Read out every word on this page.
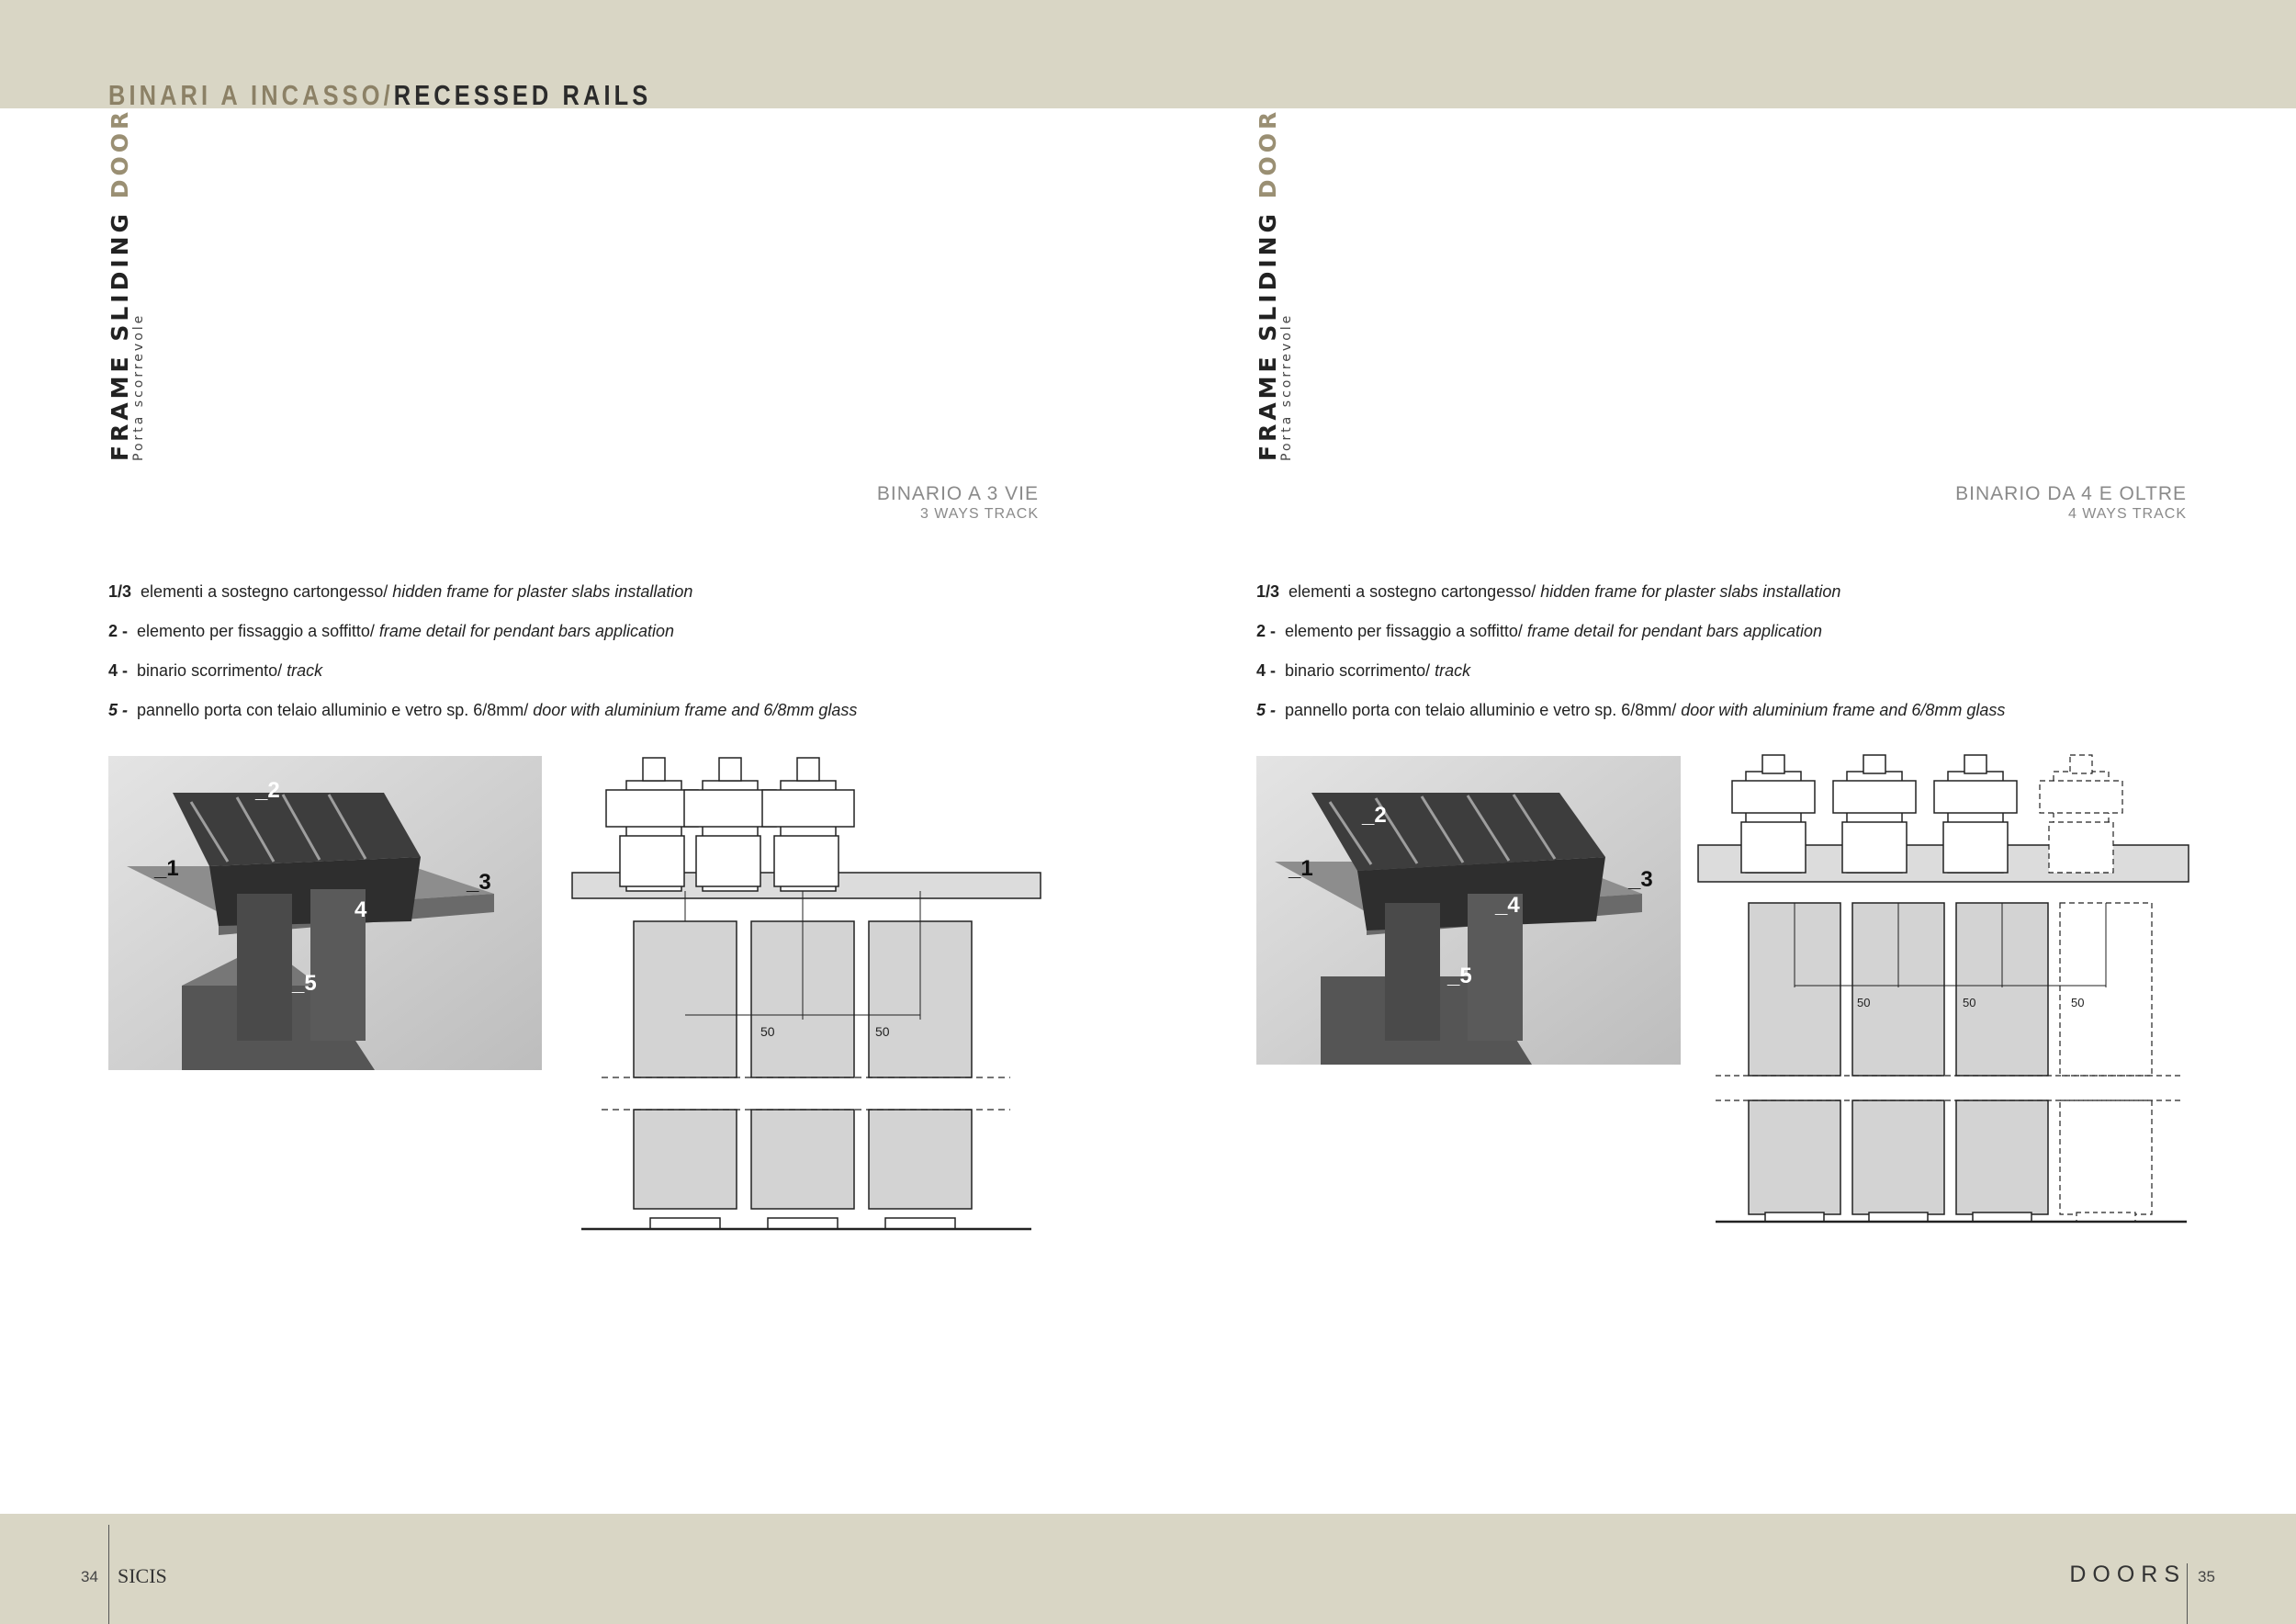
BINARI A INCASSO/RECESSED RAILS
FRAME SLIDING DOOR
Porta scorrevole
BINARIO A 3 VIE
3 WAYS TRACK
1/3 elementi a sostegno cartongesso/ hidden frame for plaster slabs installation
2 - elemento per fissaggio a soffitto/ frame detail for pendant bars application
4 - binario scorrimento/ track
5 - pannello porta con telaio alluminio e vetro sp. 6/8mm/ door with aluminium frame and 6/8mm glass
_1
_2
_3
4
_5
50	50
FRAME SLIDING DOOR
Porta scorrevole
BINARIO DA 4 E OLTRE
4 WAYS TRACK
1/3 elementi a sostegno cartongesso/ hidden frame for plaster slabs installation
2 - elemento per fissaggio a soffitto/ frame detail for pendant bars application
4 - binario scorrimento/ track
5 - pannello porta con telaio alluminio e vetro sp. 6/8mm/ door with aluminium frame and 6/8mm glass
_1
_2
_3
_4
_5
50	50	50
34 SICIS	DOORS 35
